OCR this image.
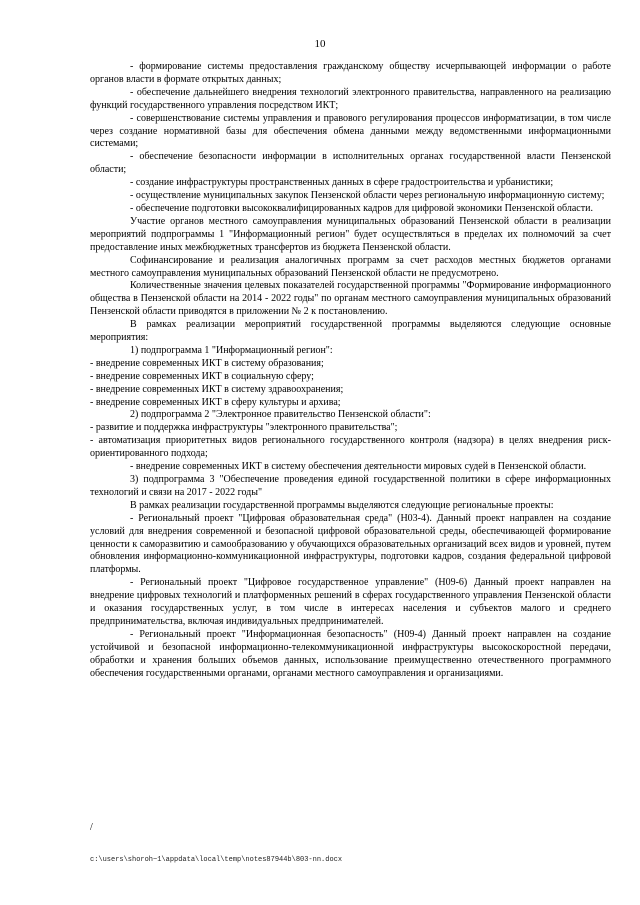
10

- формирование системы предоставления гражданскому обществу исчерпывающей информации о работе органов власти в формате открытых данных;

- обеспечение дальнейшего внедрения технологий электронного правительства, направленного на реализацию функций государственного управления посредством ИКТ;

- совершенствование системы управления и правового регулирования процессов информатизации, в том числе через создание нормативной базы для обеспечения обмена данными между ведомственными информационными системами;

- обеспечение безопасности информации в исполнительных органах государственной власти Пензенской области;

- создание инфраструктуры пространственных данных в сфере градостроительства и урбанистики;

- осуществление муниципальных закупок Пензенской области через региональную информационную систему;

- обеспечение подготовки высококвалифицированных кадров для цифровой экономики Пензенской области.

Участие органов местного самоуправления муниципальных образований Пензенской области в реализации мероприятий подпрограммы 1 "Информационный регион" будет осуществляться в пределах их полномочий за счет предоставление иных межбюджетных трансфертов из бюджета Пензенской области.

Софинансирование и реализация аналогичных программ за счет расходов местных бюджетов органами местного самоуправления муниципальных образований Пензенской области не предусмотрено.

Количественные значения целевых показателей государственной программы "Формирование информационного общества в Пензенской области на 2014 - 2022 годы" по органам местного самоуправления муниципальных образований Пензенской области приводятся в приложении № 2 к постановлению.

В рамках реализации мероприятий государственной программы выделяются следующие основные мероприятия:

1) подпрограмма 1 "Информационный регион":

- внедрение современных ИКТ в систему образования;

- внедрение современных ИКТ в социальную сферу;

- внедрение современных ИКТ в систему здравоохранения;

- внедрение современных ИКТ в сферу культуры и архива;

2) подпрограмма 2 "Электронное правительство Пензенской области":

- развитие и поддержка инфраструктуры "электронного правительства";

- автоматизация приоритетных видов регионального государственного контроля (надзора) в целях внедрения риск-ориентированного подхода;

- внедрение современных ИКТ в систему обеспечения деятельности мировых судей в Пензенской области.

3) подпрограмма 3 "Обеспечение проведения единой государственной политики в сфере информационных технологий и связи на 2017 - 2022 годы"

В рамках реализации государственной программы выделяются следующие региональные проекты:

- Региональный проект "Цифровая образовательная среда" (Н03-4). Данный проект направлен на создание условий для внедрения современной и безопасной цифровой образовательной среды, обеспечивающей формирование ценности к саморазвитию и самообразованию у обучающихся образовательных организаций всех видов и уровней, путем обновления информационно-коммуникационной инфраструктуры, подготовки кадров, создания федеральной цифровой платформы.

- Региональный проект "Цифровое государственное управление" (Н09-6) Данный проект направлен на внедрение цифровых технологий и платформенных решений в сферах государственного управления Пензенской области и оказания государственных услуг, в том числе в интересах населения и субъектов малого и среднего предпринимательства, включая индивидуальных предпринимателей.

- Региональный проект "Информационная безопасность" (Н09-4) Данный проект направлен на создание устойчивой и безопасной информационно-телекоммуникационной инфраструктуры высокоскоростной передачи, обработки и хранения больших объемов данных, использование преимущественно отечественного программного обеспечения государственными органами, органами местного самоуправления и организациями.

/
c:\users\shoroh~1\appdata\local\temp\notes87944b\803-nn.docx
